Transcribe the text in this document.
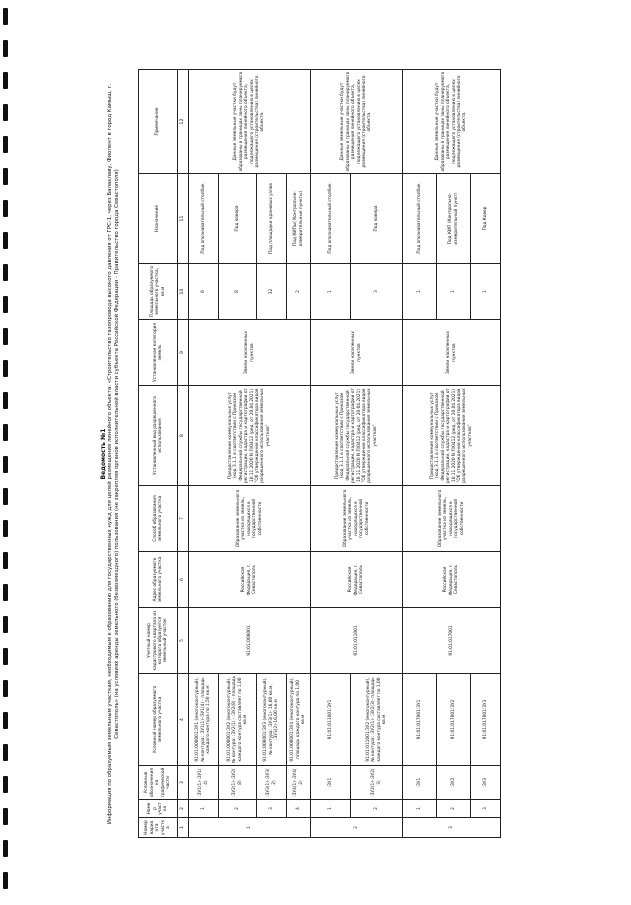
Ведомость №1 Информация по образуемым земельным участкам, необходимым к образованию для государственных нужд для целей размещения линейного объекта: «Строительство газопровода высокого давления от ГРС-1, через Балаклаву, Фиолент в город Камыш, г. Севастополь» (на условиях аренды земельного (безвозмездного) пользования (не закрепляя органов исполнительной власти субъекта Российской Федерации - Правительство города Севастополя)
Номер варианта участка	Номер участка	Условные обозначения на графической части	Условный номер образуемого земельного участка	Учетный номер кадастрового квартала из которого образуется земельный участок	Адрес образуемого земельного участка	Способ образования земельного участка	Установленный вид разрешенного использования	Установленная категория земель	Площадь образуемого земельного участка, кв.м	Назначение	Примечание
1	2	3	4	5	6	7	8	9	10	11	12
1	1	:ЗУ1(1)-:ЗУ1(4)	91:01:006001:ЗУ1 (многоконтурный), № контура: :ЗУ1(1)-:ЗУ1(4) - площадь каждого контура по 1,50 кв.м	91:01:006001	Российская Федерация, г. Севастополь	Образование земельного участка из земель, находящихся в государственной собственности	Предоставление коммунальных услуг (код 3.1.1 в соответствии с Приказом Федеральной службы государственной регистрации, кадастра и картографии от 10.11.2020 N П/0412 (ред. от 20.04.2021) "Об утверждении классификатора видов разрешенного использования земельных участков"	Земли населенных пунктов	6	Под опознавательный столбик	Данные земельные участки будут образованы в границах зоны планируемого размещения линейного объекта, подлежащего установлению в целях размещения (строительства) линейного объекта.
	2	:ЗУ2(1)-:ЗУ2(8)	91:01:006001:ЗУ2 (многоконтурный), № контура: :ЗУ2(1) - :ЗУ2(8) - площадь каждого контура составляет по 1,00 кв.м						8	Под ковера	
	3	:ЗУ3(1)-:ЗУ3(2)	91:01:006001:ЗУ3 (многоконтурный), № контура: :ЗУ3(1)- 16,00 кв.м, :ЗУ3(2)-16,00 кв.м						32	Под площадки крановых узлов	
	4	:ЗУ4(1)-:ЗУ4(2)	91:01:006001:ЗУ4 (многоконтурный), площадь каждого контура по 1,00 кв.м						2	Под КИПы( Контрольно-измерительные пункты)	
2	1	:ЗУ1	91:01:011001:ЗУ1	91:01:011001	Российская Федерация, г. Севастополь	Образование земельного участка из земель, находящихся в государственной собственности	Предоставление коммунальных услуг (код 3.1.1 в соответствии с Приказом Федеральной службы государственной регистрации, кадастра и картографии от 10.11.2020 N П/0412 (ред. от 20.04.2021) "Об утверждении классификатора видов разрешенного использования земельных участков"	Земли населенных пунктов	1	Под опознавательный столбик	Данные земельные участки будут образованы в границах зоны планируемого размещения линейного объекта, подлежащего установлению в целях размещения (строительства) линейного объекта.
	2	:ЗУ2(1)-:ЗУ2(3)	91:01:011001:ЗУ2 (многоконтурный), № контура: :ЗУ2(1)- :ЗУ2(3)- площадь каждого контура составляет по 1,00 кв.м						3	Под ковера	
3	1	:ЗУ1	91:01:017001:ЗУ1	91:01:017001	Российская Федерация, г. Севастополь	Образование земельного участка из земель, находящихся в государственной собственности	Предоставление коммунальных услуг (код 3.1.1 в соответствии с Приказом Федеральной службы государственной регистрации, кадастра и картографии от 10.11.2020 N П/0412 (ред. от 20.04.2021) "Об утверждении классификатора видов разрешенного использования земельных участков"	Земли населенных пунктов	1	Под опознавательный столбик	Данные земельные участки будут образованы в границах зоны планируемого размещения линейного объекта, подлежащего установлению в целях размещения (строительства) линейного объекта.
	2	:ЗУ2	91:01:017001:ЗУ2						1	Под КИП (Контрольно-измерительный пункт)	
	3	:ЗУ3	91:01:017001:ЗУ3						1	Под Ковер	
